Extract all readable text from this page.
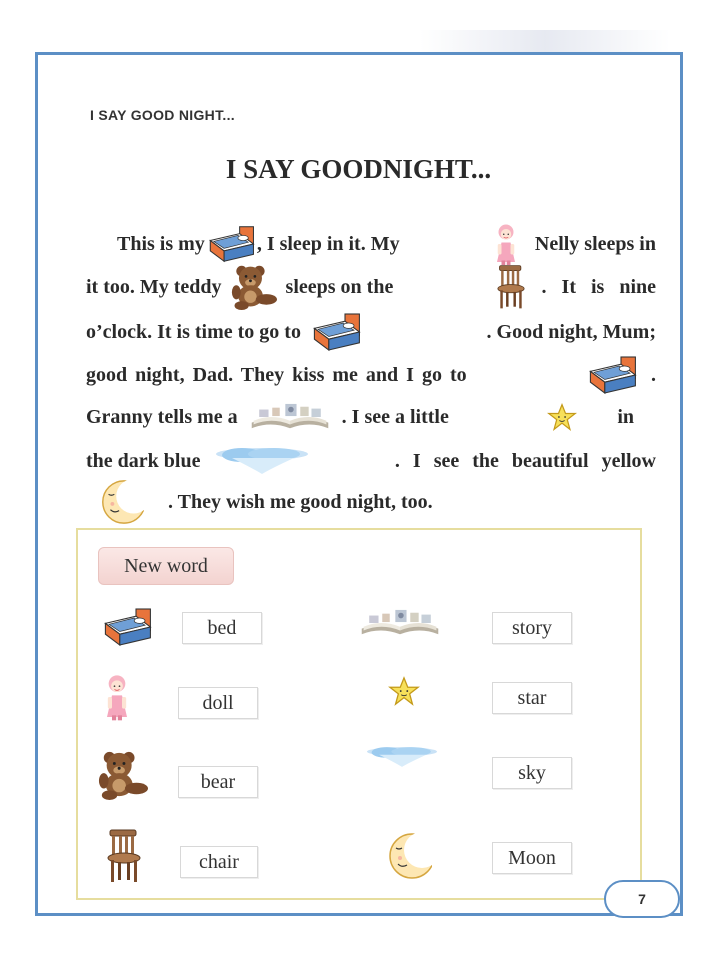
I SAY GOOD NIGHT...
I SAY GOODNIGHT...
This is my	, I sleep in it. My	Nelly sleeps in
it too. My teddy	sleeps on the	. It is nine
o’clock. It is time to go to	. Good night, Mum;
good night, Dad. They kiss me and I go to	.
Granny tells me a	. I see a little	in
the dark blue	. I see the beautiful yellow
. They wish me good night, too.
New word
bed
doll
bear
chair
story
star
sky
Moon
7
